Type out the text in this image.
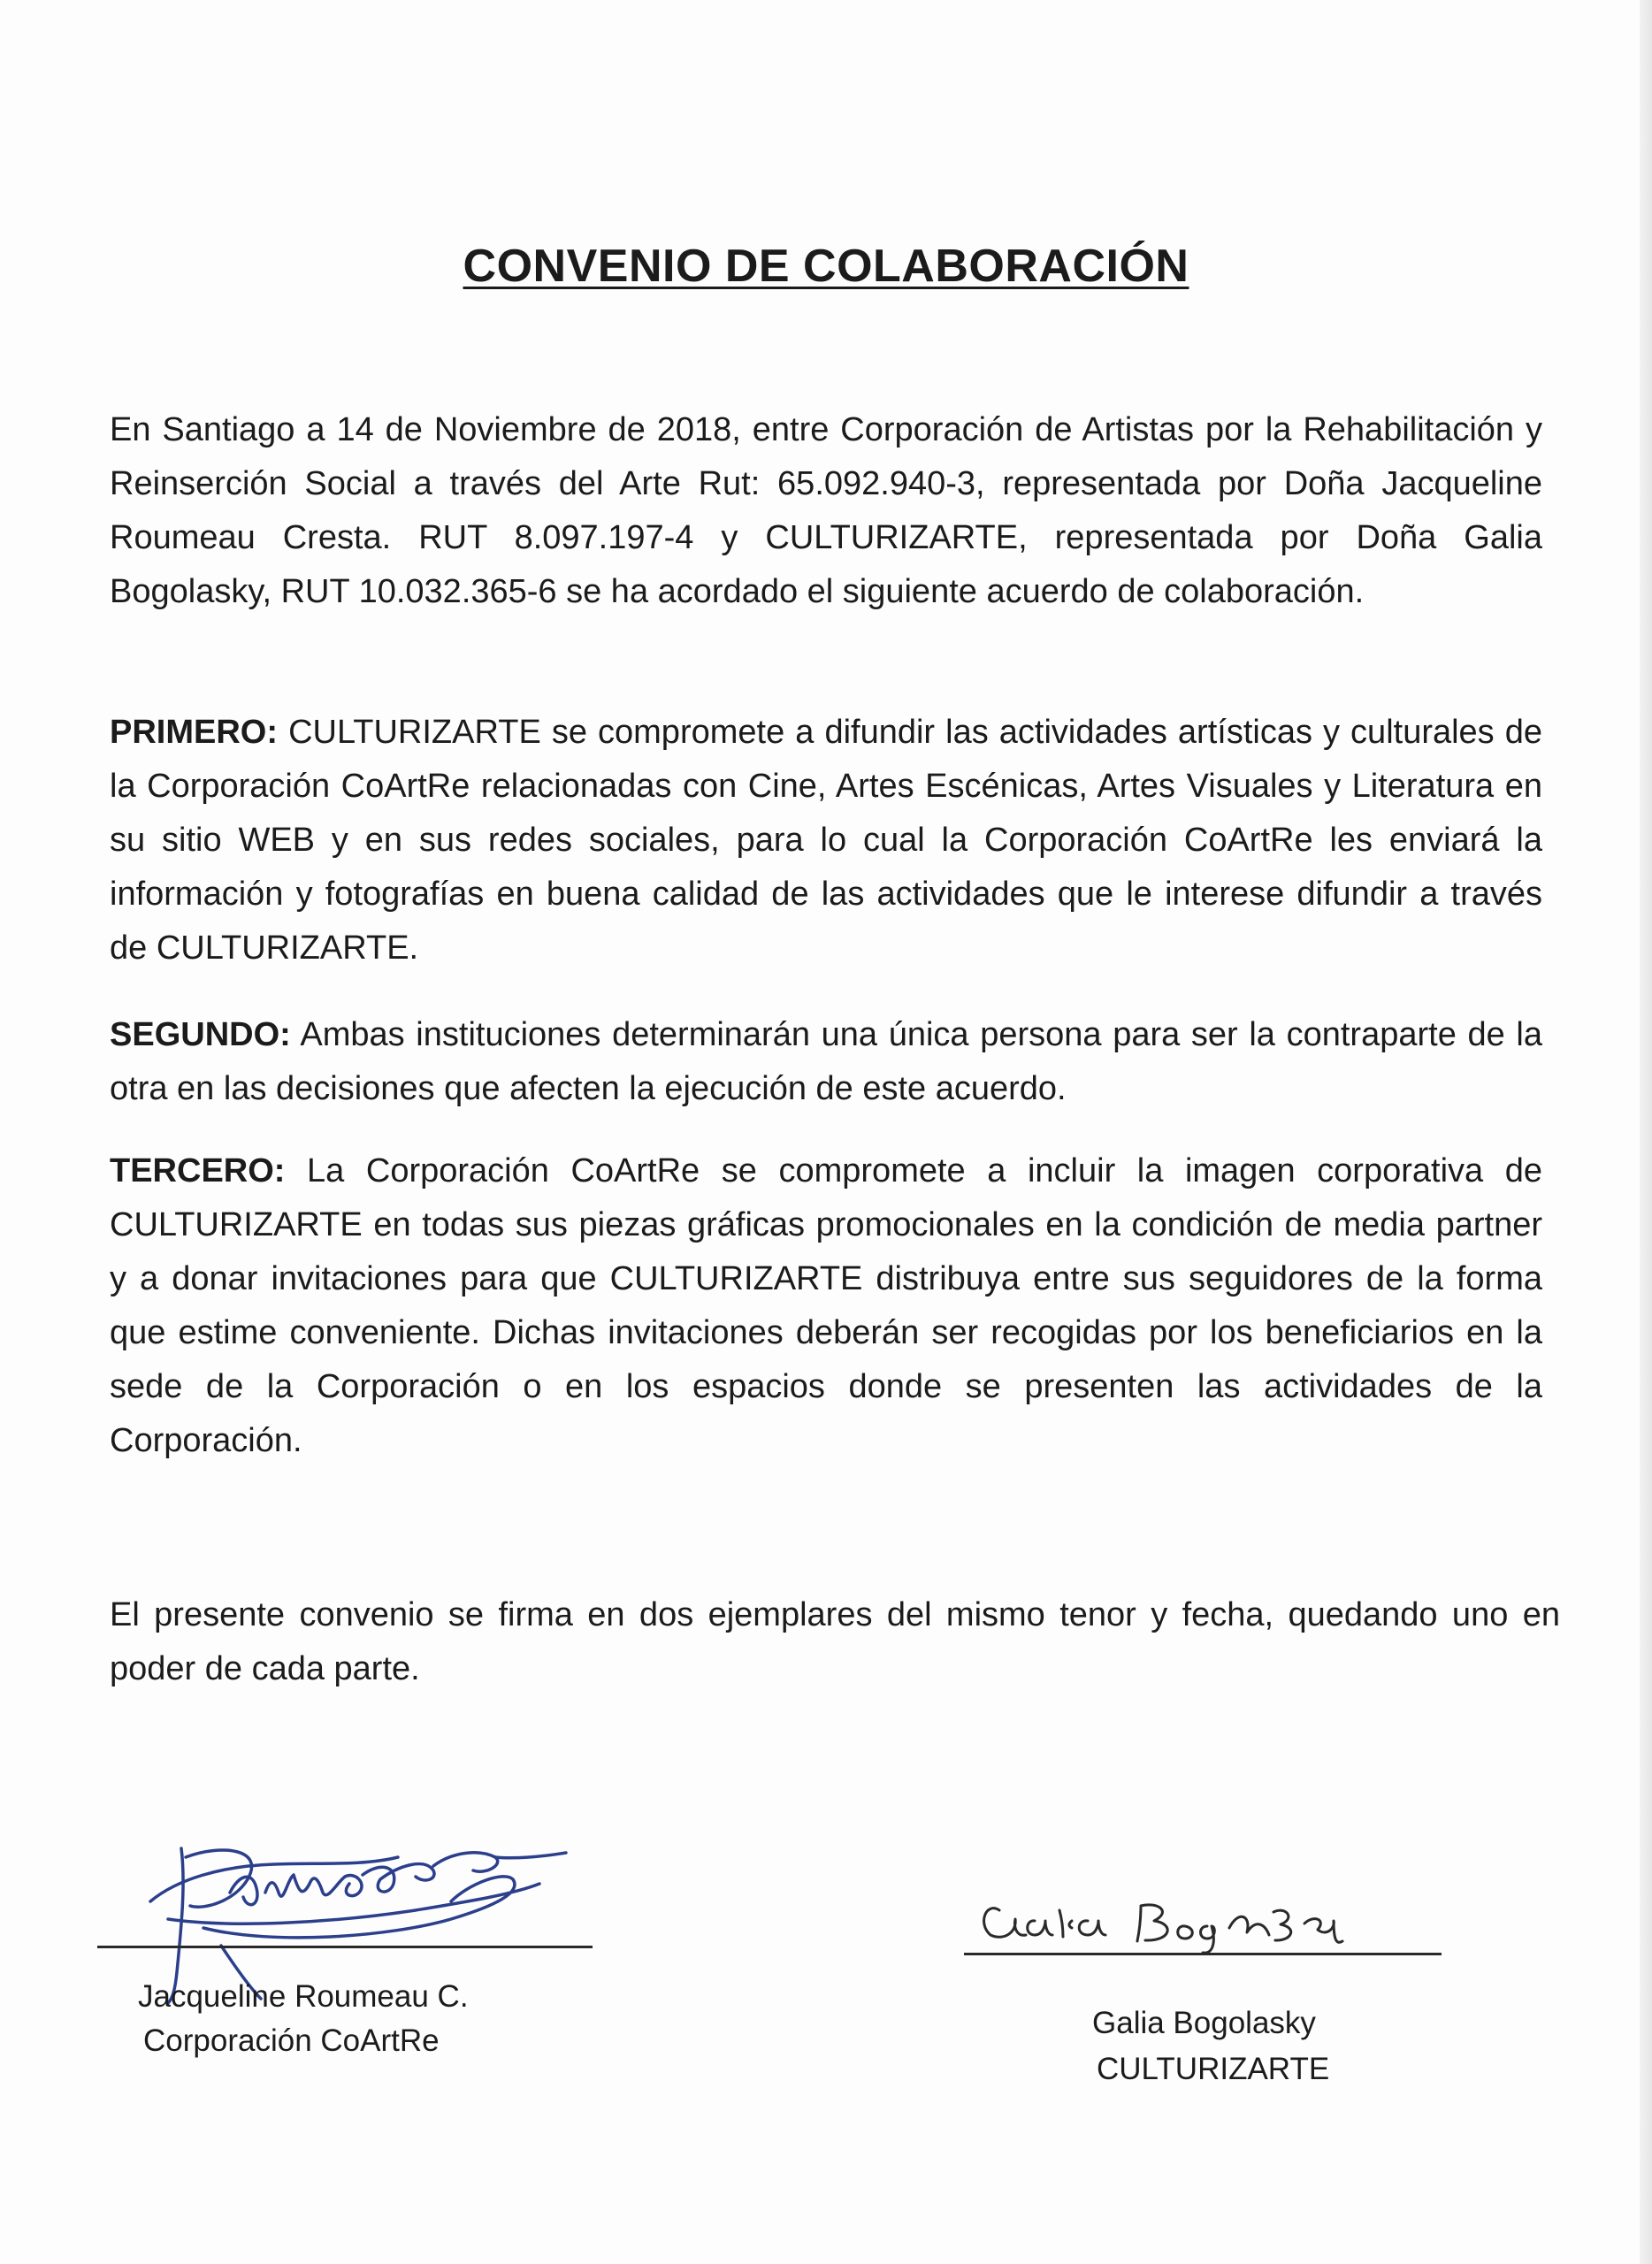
CONVENIO DE COLABORACIÓN

En Santiago a 14 de Noviembre de 2018, entre Corporación de Artistas por la Rehabilitación y Reinserción Social a través del Arte Rut: 65.092.940-3, representada por Doña Jacqueline Roumeau Cresta. RUT 8.097.197-4 y CULTURIZARTE, representada por Doña Galia Bogolasky, RUT 10.032.365-6 se ha acordado el siguiente acuerdo de colaboración.

PRIMERO: CULTURIZARTE se compromete a difundir las actividades artísticas y culturales de la Corporación CoArtRe relacionadas con Cine, Artes Escénicas, Artes Visuales y Literatura en su sitio WEB y en sus redes sociales, para lo cual la Corporación CoArtRe les enviará la información y fotografías en buena calidad de las actividades que le interese difundir a través de CULTURIZARTE.

SEGUNDO: Ambas instituciones determinarán una única persona para ser la contraparte de la otra en las decisiones que afecten la ejecución de este acuerdo.

TERCERO: La Corporación CoArtRe se compromete a incluir la imagen corporativa de CULTURIZARTE en todas sus piezas gráficas promocionales en la condición de media partner y a donar invitaciones para que CULTURIZARTE distribuya entre sus seguidores de la forma que estime conveniente. Dichas invitaciones deberán ser recogidas por los beneficiarios en la sede de la Corporación o en los espacios donde se presenten las actividades de la Corporación.

El presente convenio se firma en dos ejemplares del mismo tenor y fecha, quedando uno en poder de cada parte.

Jacqueline Roumeau C.
Corporación CoArtRe
Galia Bogolasky
CULTURIZARTE
